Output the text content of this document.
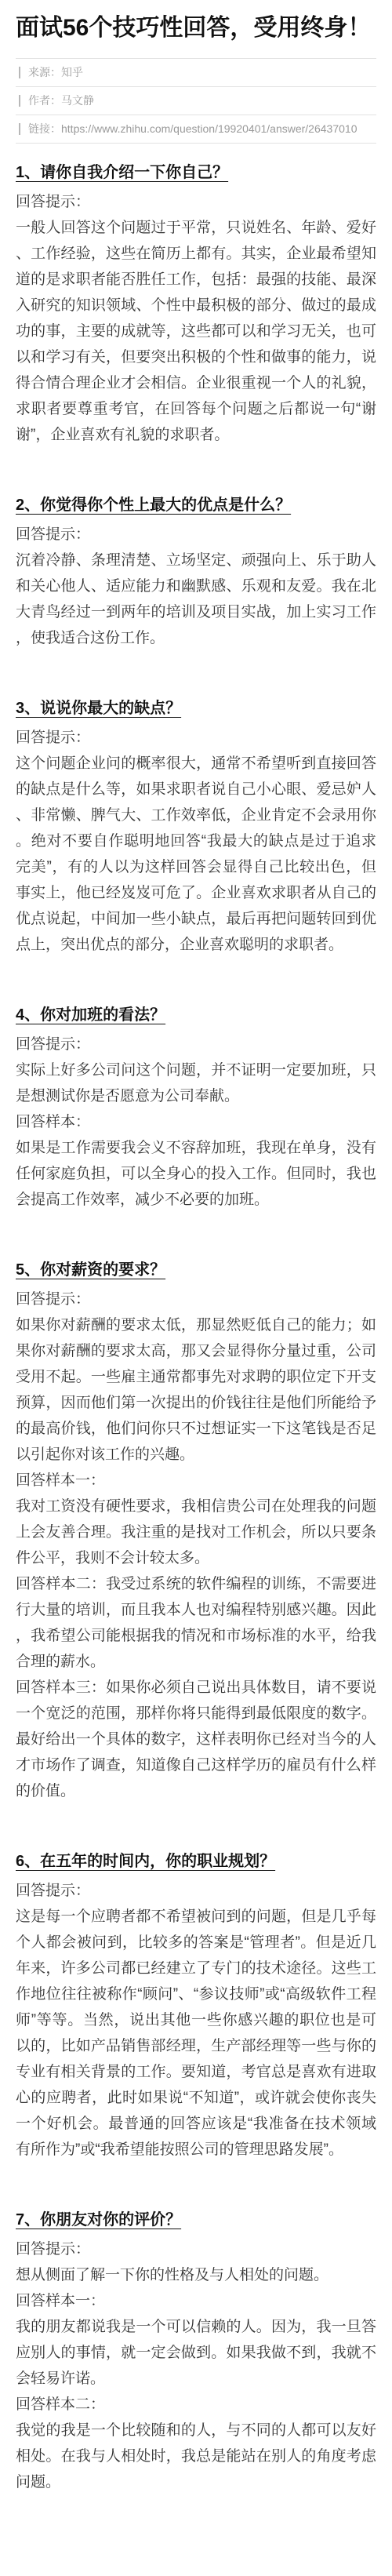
面试56个技巧性回答，受用终身！
来源：知乎
作者：马文静
链接：https://www.zhihu.com/question/19920401/answer/26437010
1、请你自我介绍一下你自己？

回答提示：

一般人回答这个问题过于平常，只说姓名、年龄、爱好、工作经验，这些在简历上都有。其实，企业最希望知道的是求职者能否胜任工作，包括：最强的技能、最深入研究的知识领域、个性中最积极的部分、做过的最成功的事，主要的成就等，这些都可以和学习无关，也可以和学习有关，但要突出积极的个性和做事的能力，说得合情合理企业才会相信。企业很重视一个人的礼貌，求职者要尊重考官，在回答每个问题之后都说一句“谢谢”，企业喜欢有礼貌的求职者。

2、你觉得你个性上最大的优点是什么？

回答提示：

沉着冷静、条理清楚、立场坚定、顽强向上、乐于助人和关心他人、适应能力和幽默感、乐观和友爱。我在北大青鸟经过一到两年的培训及项目实战，加上实习工作，使我适合这份工作。

3、说说你最大的缺点？

回答提示：

这个问题企业问的概率很大，通常不希望听到直接回答的缺点是什么等，如果求职者说自己小心眼、爱忌妒人、非常懒、脾气大、工作效率低，企业肯定不会录用你。绝对不要自作聪明地回答“我最大的缺点是过于追求完美”，有的人以为这样回答会显得自己比较出色，但事实上，他已经岌岌可危了。企业喜欢求职者从自己的优点说起，中间加一些小缺点，最后再把问题转回到优点上，突出优点的部分，企业喜欢聪明的求职者。

4、你对加班的看法？

回答提示：

实际上好多公司问这个问题，并不证明一定要加班，只是想测试你是否愿意为公司奉献。

回答样本：

如果是工作需要我会义不容辞加班，我现在单身，没有任何家庭负担，可以全身心的投入工作。但同时，我也会提高工作效率，减少不必要的加班。

5、你对薪资的要求？

回答提示：

如果你对薪酬的要求太低，那显然贬低自己的能力；如果你对薪酬的要求太高，那又会显得你分量过重，公司受用不起。一些雇主通常都事先对求聘的职位定下开支预算，因而他们第一次提出的价钱往往是他们所能给予的最高价钱，他们问你只不过想证实一下这笔钱是否足以引起你对该工作的兴趣。

回答样本一：

我对工资没有硬性要求，我相信贵公司在处理我的问题上会友善合理。我注重的是找对工作机会，所以只要条件公平，我则不会计较太多。

回答样本二：我受过系统的软件编程的训练，不需要进行大量的培训，而且我本人也对编程特别感兴趣。因此，我希望公司能根据我的情况和市场标准的水平，给我合理的薪水。

回答样本三：如果你必须自己说出具体数目，请不要说一个宽泛的范围，那样你将只能得到最低限度的数字。最好给出一个具体的数字，这样表明你已经对当今的人才市场作了调查，知道像自己这样学历的雇员有什么样的价值。

6、在五年的时间内，你的职业规划？

回答提示：

这是每一个应聘者都不希望被问到的问题，但是几乎每个人都会被问到，比较多的答案是“管理者”。但是近几年来，许多公司都已经建立了专门的技术途径。这些工作地位往往被称作“顾问”、“参议技师”或“高级软件工程师”等等。当然，说出其他一些你感兴趣的职位也是可以的，比如产品销售部经理，生产部经理等一些与你的专业有相关背景的工作。要知道，考官总是喜欢有进取心的应聘者，此时如果说“不知道”，或许就会使你丧失一个好机会。最普通的回答应该是“我准备在技术领域有所作为”或“我希望能按照公司的管理思路发展”。

7、你朋友对你的评价？

回答提示：

想从侧面了解一下你的性格及与人相处的问题。

回答样本一：

我的朋友都说我是一个可以信赖的人。因为，我一旦答应别人的事情，就一定会做到。如果我做不到，我就不会轻易许诺。

回答样本二：

我觉的我是一个比较随和的人，与不同的人都可以友好相处。在我与人相处时，我总是能站在别人的角度考虑问题。
